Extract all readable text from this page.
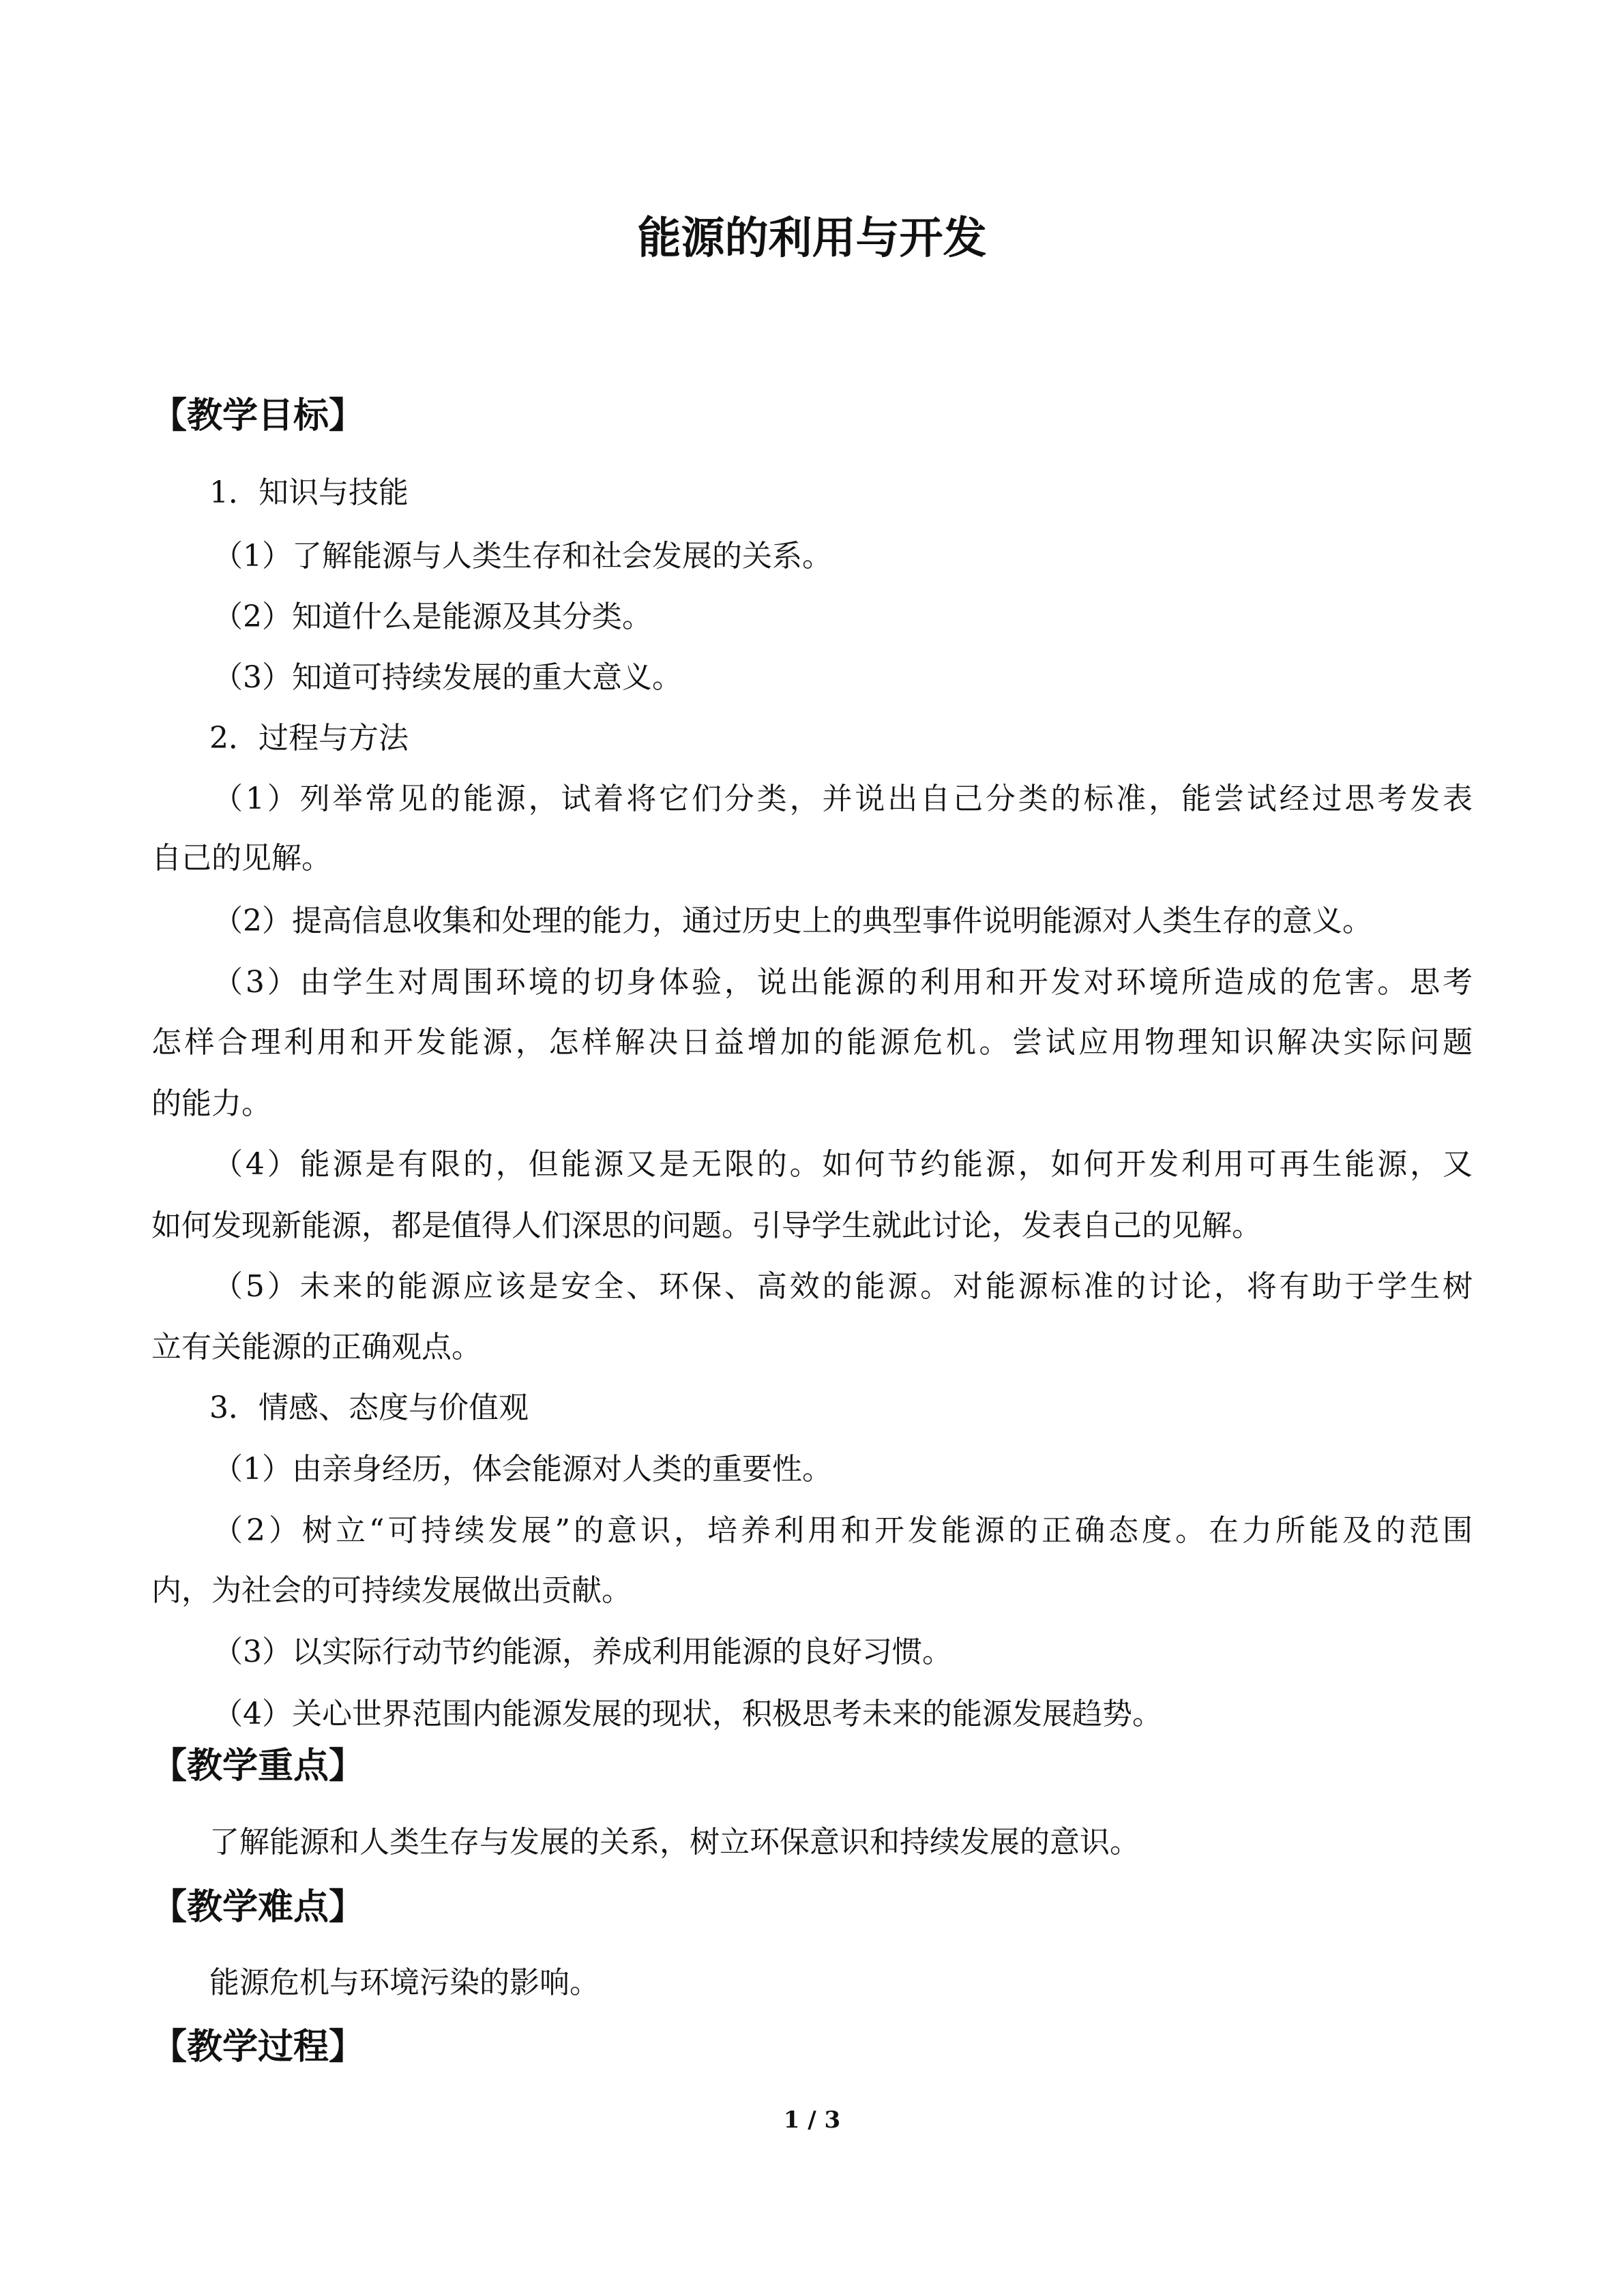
能源的利用与开发
【教学目标】

1．知识与技能

（1）了解能源与人类生存和社会发展的关系。

（2）知道什么是能源及其分类。

（3）知道可持续发展的重大意义。

2．过程与方法

（1）列举常见的能源，试着将它们分类，并说出自己分类的标准，能尝试经过思考发表

自己的见解。

（2）提高信息收集和处理的能力，通过历史上的典型事件说明能源对人类生存的意义。

（3）由学生对周围环境的切身体验，说出能源的利用和开发对环境所造成的危害。思考

怎样合理利用和开发能源，怎样解决日益增加的能源危机。尝试应用物理知识解决实际问题

的能力。

（4）能源是有限的，但能源又是无限的。如何节约能源，如何开发利用可再生能源，又

如何发现新能源，都是值得人们深思的问题。引导学生就此讨论，发表自己的见解。

（5）未来的能源应该是安全、环保、高效的能源。对能源标准的讨论，将有助于学生树

立有关能源的正确观点。

3．情感、态度与价值观

（1）由亲身经历，体会能源对人类的重要性。

（2）树立“可持续发展”的意识，培养利用和开发能源的正确态度。在力所能及的范围

内，为社会的可持续发展做出贡献。

（3）以实际行动节约能源，养成利用能源的良好习惯。

（4）关心世界范围内能源发展的现状，积极思考未来的能源发展趋势。

【教学重点】

了解能源和人类生存与发展的关系，树立环保意识和持续发展的意识。

【教学难点】

能源危机与环境污染的影响。

【教学过程】

1 / 3
